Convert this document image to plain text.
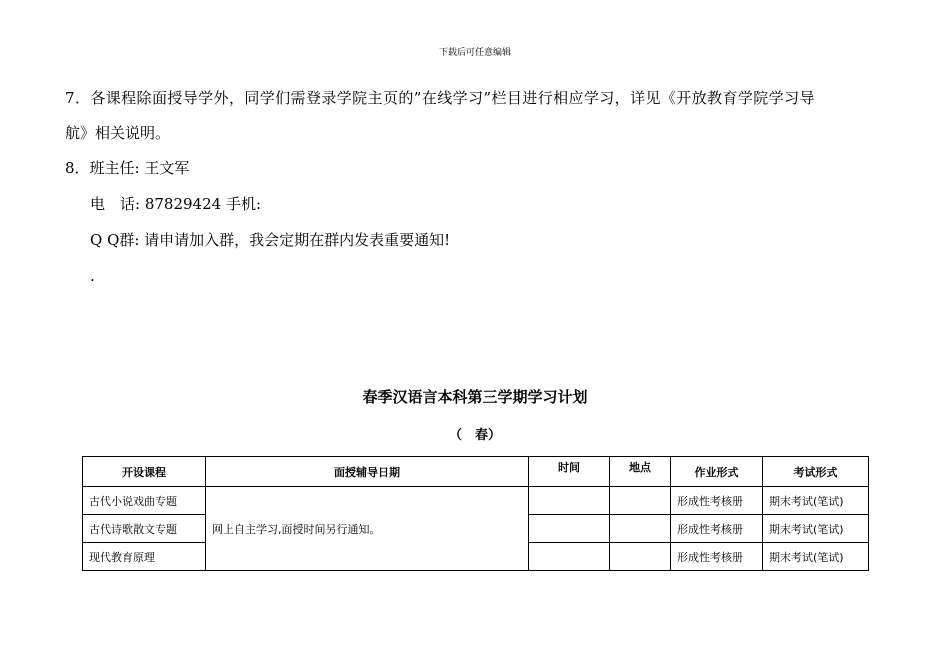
下载后可任意编辑
7．各课程除面授导学外，同学们需登录学院主页的”在线学习”栏目进行相应学习，详见《开放教育学院学习导
航》相关说明。
8．班主任: 王文军
电　话: 87829424 手机:
Q Q群: 请申请加入群，我会定期在群内发表重要通知!
.
春季汉语言本科第三学期学习计划
（　春）
开设课程	面授辅导日期	时间	地点	作业形式	考试形式
古代小说戏曲专题	网上自主学习,面授时间另行通知。			形成性考核册	期末考试(笔试)
古代诗歌散文专题				形成性考核册	期末考试(笔试)
现代教育原理				形成性考核册	期末考试(笔试)
